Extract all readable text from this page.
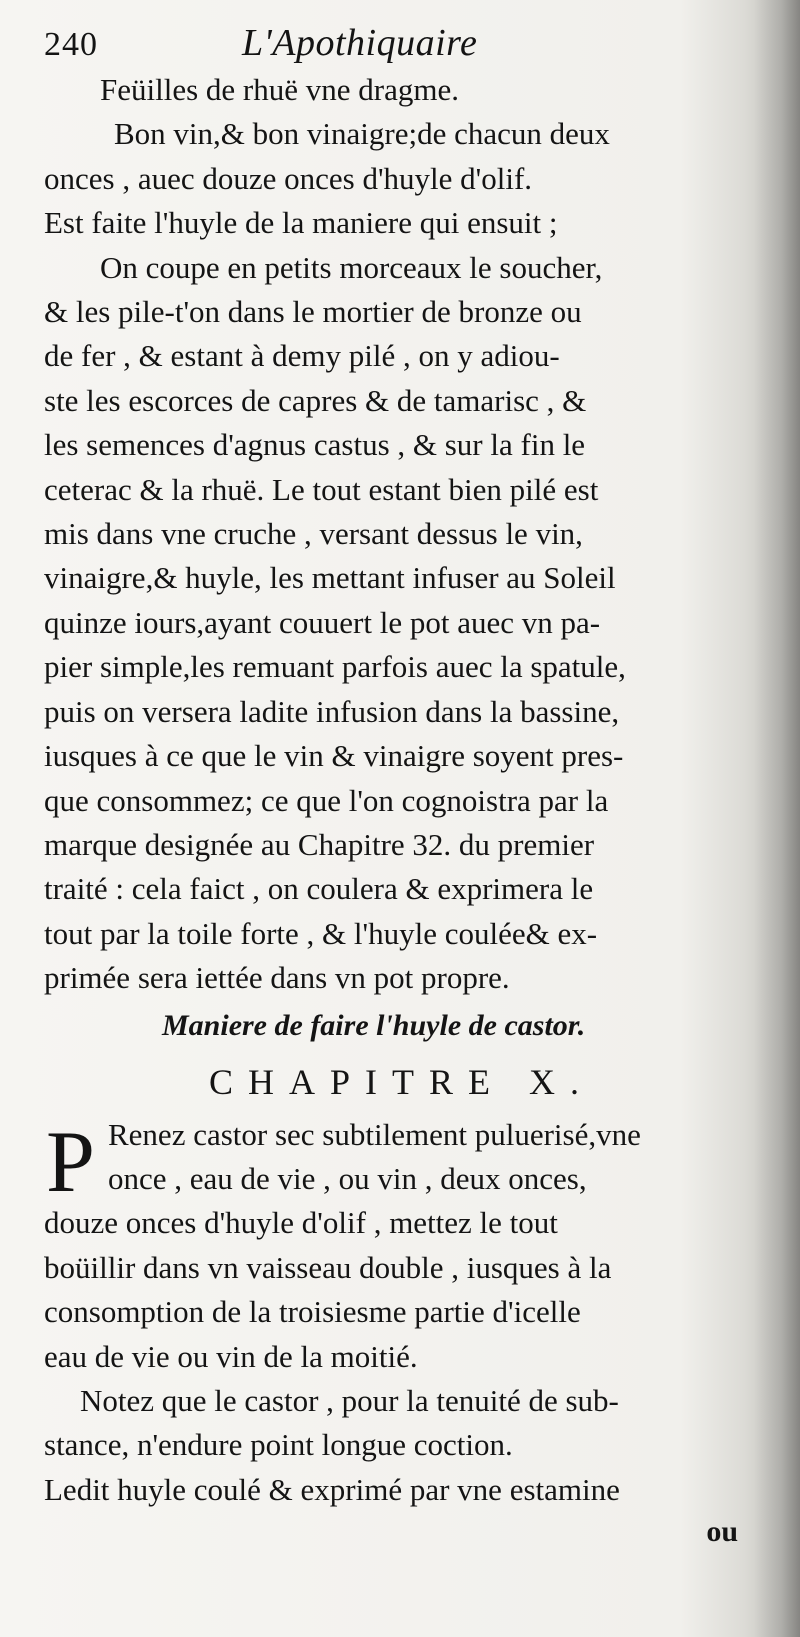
240	L'Apothiquaire
Feüilles de rhuë vne dragme.
Bon vin,& bon vinaigre;de chacun deux
onces , auec douze onces d'huyle d'olif.
Est faite l'huyle de la maniere qui ensuit ;
On coupe en petits morceaux le soucher,
& les pile-t'on dans le mortier de bronze ou
de fer , & estant à demy pilé , on y adiou-
ste les escorces de capres & de tamarisc , &
les semences d'agnus castus , & sur la fin le
ceterac & la rhuë. Le tout estant bien pilé est
mis dans vne cruche , versant dessus le vin,
vinaigre,& huyle, les mettant infuser au Soleil
quinze iours,ayant couuert le pot auec vn pa-
pier simple,les remuant parfois auec la spatule,
puis on versera ladite infusion dans la bassine,
iusques à ce que le vin & vinaigre soyent pres-
que consommez; ce que l'on cognoistra par la
marque designée au Chapitre 32. du premier
traité : cela faict , on coulera & exprimera le
tout par la toile forte , & l'huyle coulée& ex-
primée sera iettée dans vn pot propre.
Maniere de faire l'huyle de castor.
CHAPITRE X.
P Renez castor sec subtilement puluerisé,vne
once , eau de vie , ou vin , deux onces,
douze onces d'huyle d'olif , mettez le tout
boüillir dans vn vaisseau double , iusques à la
consomption de la troisiesme partie d'icelle
eau de vie ou vin de la moitié.
Notez que le castor , pour la tenuité de sub-
stance, n'endure point longue coction.
Ledit huyle coulé & exprimé par vne estamine
ou
